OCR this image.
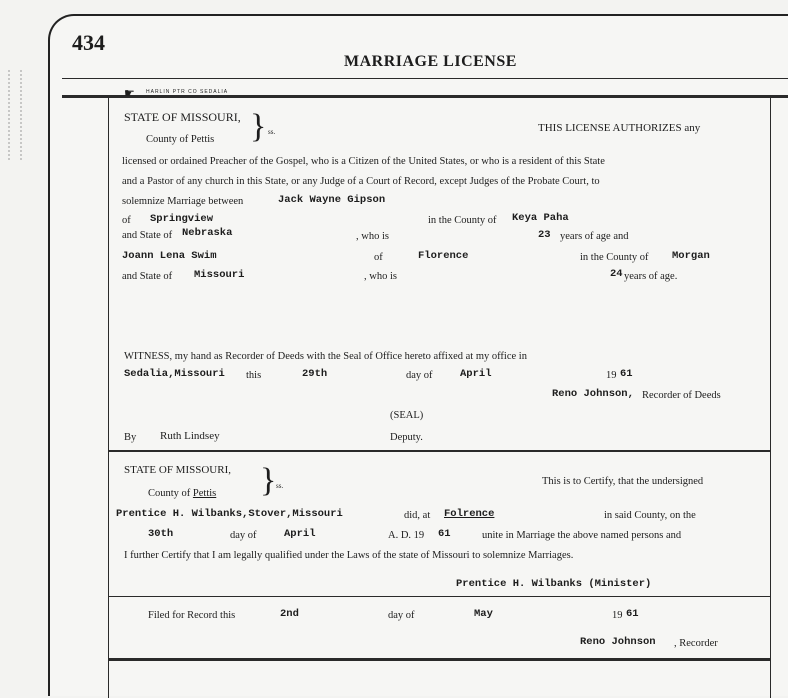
434
MARRIAGE LICENSE
☛ HARLIN PTR CO SEDALIA
STATE OF MISSOURI,
County of Pettis } ss.	THIS LICENSE AUTHORIZES any
licensed or ordained Preacher of the Gospel, who is a Citizen of the United States, or who is a resident of this State
and a Pastor of any church in this State, or any Judge of a Court of Record, except Judges of the Probate Court, to
solemnize Marriage between	Jack Wayne Gipson
of Springview	in the County of Keya Paha
and State of Nebraska	, who is	23 years of age and
Joann Lena Swim	of	Florence	in the County of Morgan
and State of Missouri	, who is	24 years of age.
WITNESS, my hand as Recorder of Deeds with the Seal of Office hereto affixed at my office in
Sedalia,Missouri this	29th	day of	April	19 61
Reno Johnson, Recorder of Deeds
(SEAL)
By Ruth Lindsey	Deputy.
STATE OF MISSOURI,
County of Pettis } ss.	This is to Certify, that the undersigned
Prentice H. Wilbanks,Stover,Missouri	did, at Folrence	in said County, on the
30th	day of	April	A. D. 19 61	unite in Marriage the above named persons and
I further Certify that I am legally qualified under the Laws of the state of Missouri to solemnize Marriages.
Prentice H. Wilbanks (Minister)
Filed for Record this	2nd	day of	May	19 61
Reno Johnson , Recorder
